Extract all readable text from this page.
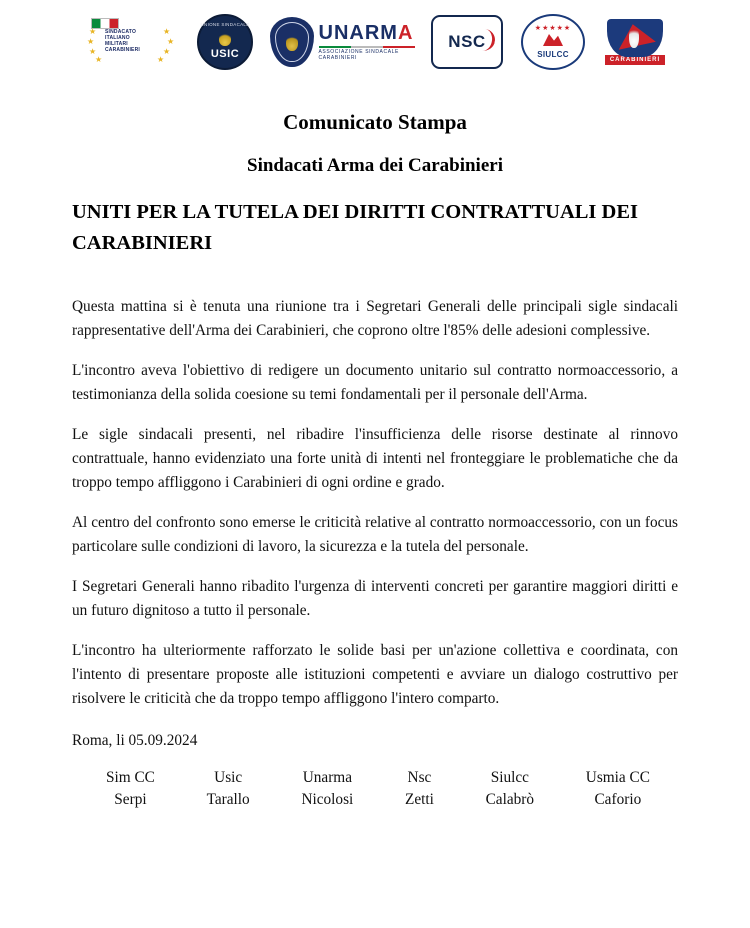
★
★
★
★
★
★
★
★
SINDACATO
ITALIANO
MILITARI
CARABINIERI
UNIONE SINDACALE
USIC
UNARMA
ASSOCIAZIONE SINDACALE CARABINIERI
NSC
★★★★★
SIULCC
CARABINIERI
Comunicato Stampa
Sindacati Arma dei Carabinieri
UNITI PER LA TUTELA DEI DIRITTI CONTRATTUALI DEI CARABINIERI

Questa mattina si è tenuta una riunione tra i Segretari Generali delle principali sigle sindacali rappresentative dell'Arma dei Carabinieri, che coprono oltre l'85% delle adesioni complessive.

L'incontro aveva l'obiettivo di redigere un documento unitario sul contratto normoaccessorio, a testimonianza della solida coesione su temi fondamentali per il personale dell'Arma.

Le sigle sindacali presenti, nel ribadire l'insufficienza delle risorse destinate al rinnovo contrattuale, hanno evidenziato una forte unità di intenti nel fronteggiare le problematiche che da troppo tempo affliggono i Carabinieri di ogni ordine e grado.

Al centro del confronto sono emerse le criticità relative al contratto normoaccessorio, con un focus particolare sulle condizioni di lavoro, la sicurezza e la tutela del personale.

I Segretari Generali hanno ribadito l'urgenza di interventi concreti per garantire maggiori diritti e un futuro dignitoso a tutto il personale.

L'incontro ha ulteriormente rafforzato le solide basi per un'azione collettiva e coordinata, con l'intento di presentare proposte alle istituzioni competenti e avviare un dialogo costruttivo per risolvere le criticità che da troppo tempo affliggono l'intero comparto.

Roma, li 05.09.2024
Sim CC
Serpi
Usic
Tarallo
Unarma
Nicolosi
Nsc
Zetti
Siulcc
Calabrò
Usmia CC
Caforio
